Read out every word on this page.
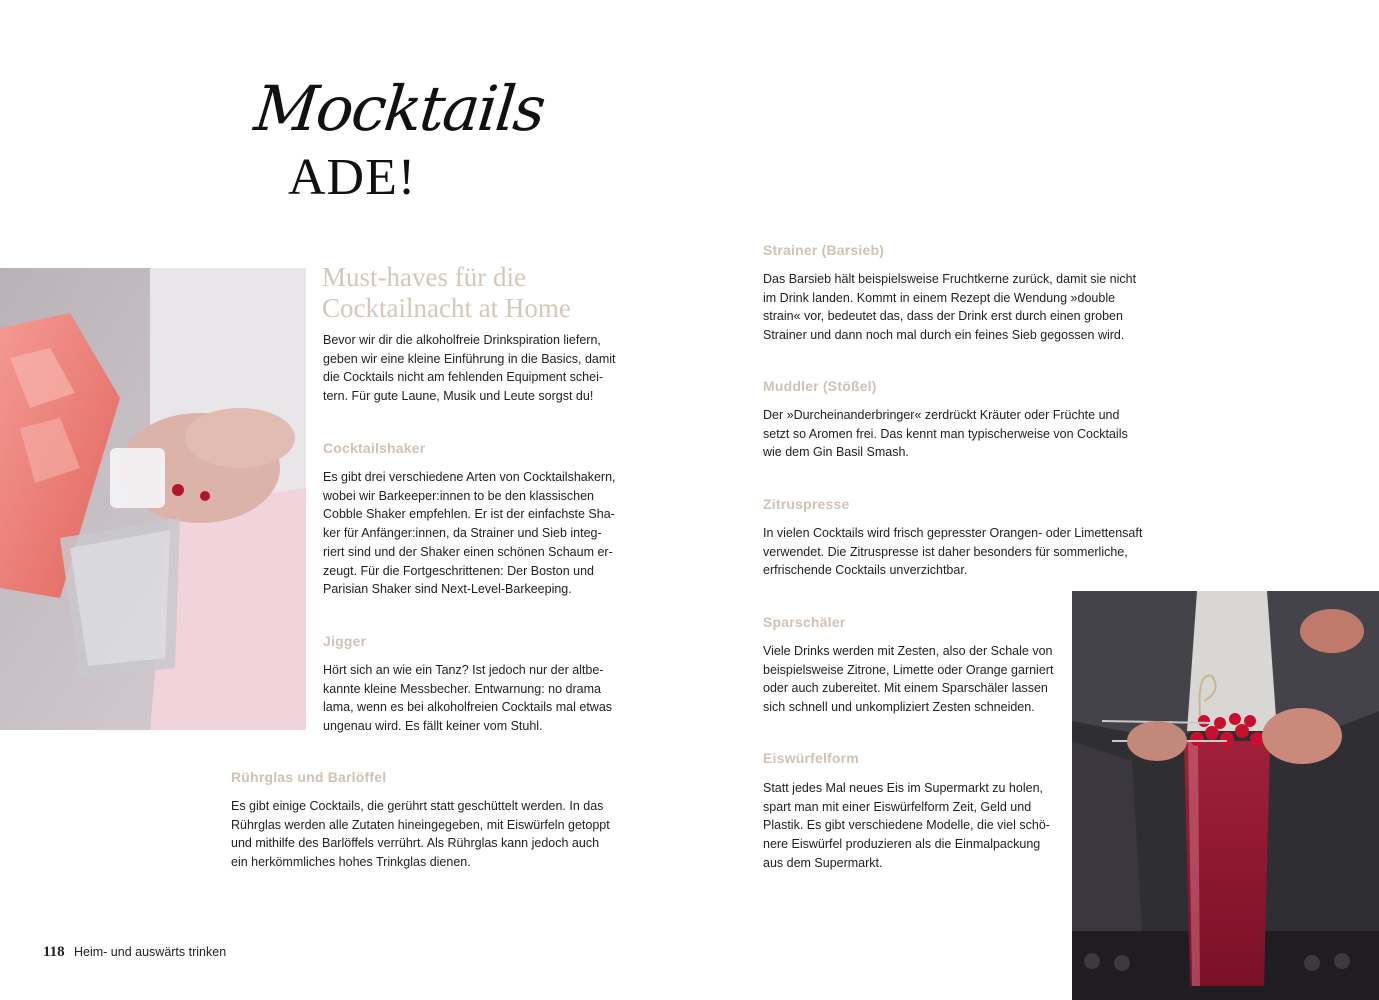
Mocktails
ADE!
Must-haves für die
Cocktailnacht at Home
Bevor wir dir die alkoholfreie Drinkspiration liefern,
geben wir eine kleine Einführung in die Basics, damit
die Cocktails nicht am fehlenden Equipment schei-
tern. Für gute Laune, Musik und Leute sorgst du!
Cocktailshaker
Es gibt drei verschiedene Arten von Cocktailshakern,
wobei wir Barkeeper:innen to be den klassischen
Cobble Shaker empfehlen. Er ist der einfachste Sha-
ker für Anfänger:innen, da Strainer und Sieb integ-
riert sind und der Shaker einen schönen Schaum er-
zeugt. Für die Fortgeschrittenen: Der Boston und
Parisian Shaker sind Next-Level-Barkeeping.
Jigger
Hört sich an wie ein Tanz? Ist jedoch nur der altbe-
kannte kleine Messbecher. Entwarnung: no drama
lama, wenn es bei alkoholfreien Cocktails mal etwas
ungenau wird. Es fällt keiner vom Stuhl.
Rührglas und Barlöffel
Es gibt einige Cocktails, die gerührt statt geschüttelt werden. In das
Rührglas werden alle Zutaten hineingegeben, mit Eiswürfeln getoppt
und mithilfe des Barlöffels verrührt. Als Rührglas kann jedoch auch
ein herkömmliches hohes Trinkglas dienen.
Strainer (Barsieb)
Das Barsieb hält beispielsweise Fruchtkerne zurück, damit sie nicht
im Drink landen. Kommt in einem Rezept die Wendung »double
strain« vor, bedeutet das, dass der Drink erst durch einen groben
Strainer und dann noch mal durch ein feines Sieb gegossen wird.
Muddler (Stößel)
Der »Durcheinanderbringer« zerdrückt Kräuter oder Früchte und
setzt so Aromen frei. Das kennt man typischerweise von Cocktails
wie dem Gin Basil Smash.
Zitruspresse
In vielen Cocktails wird frisch gepresster Orangen- oder Limettensaft
verwendet. Die Zitruspresse ist daher besonders für sommerliche,
erfrischende Cocktails unverzichtbar.
Sparschäler
Viele Drinks werden mit Zesten, also der Schale von
beispielsweise Zitrone, Limette oder Orange garniert
oder auch zubereitet. Mit einem Sparschäler lassen
sich schnell und unkompliziert Zesten schneiden.
Eiswürfelform
Statt jedes Mal neues Eis im Supermarkt zu holen,
spart man mit einer Eiswürfelform Zeit, Geld und
Plastik. Es gibt verschiedene Modelle, die viel schö-
nere Eiswürfel produzieren als die Einmalpackung
aus dem Supermarkt.
118 Heim- und auswärts trinken
